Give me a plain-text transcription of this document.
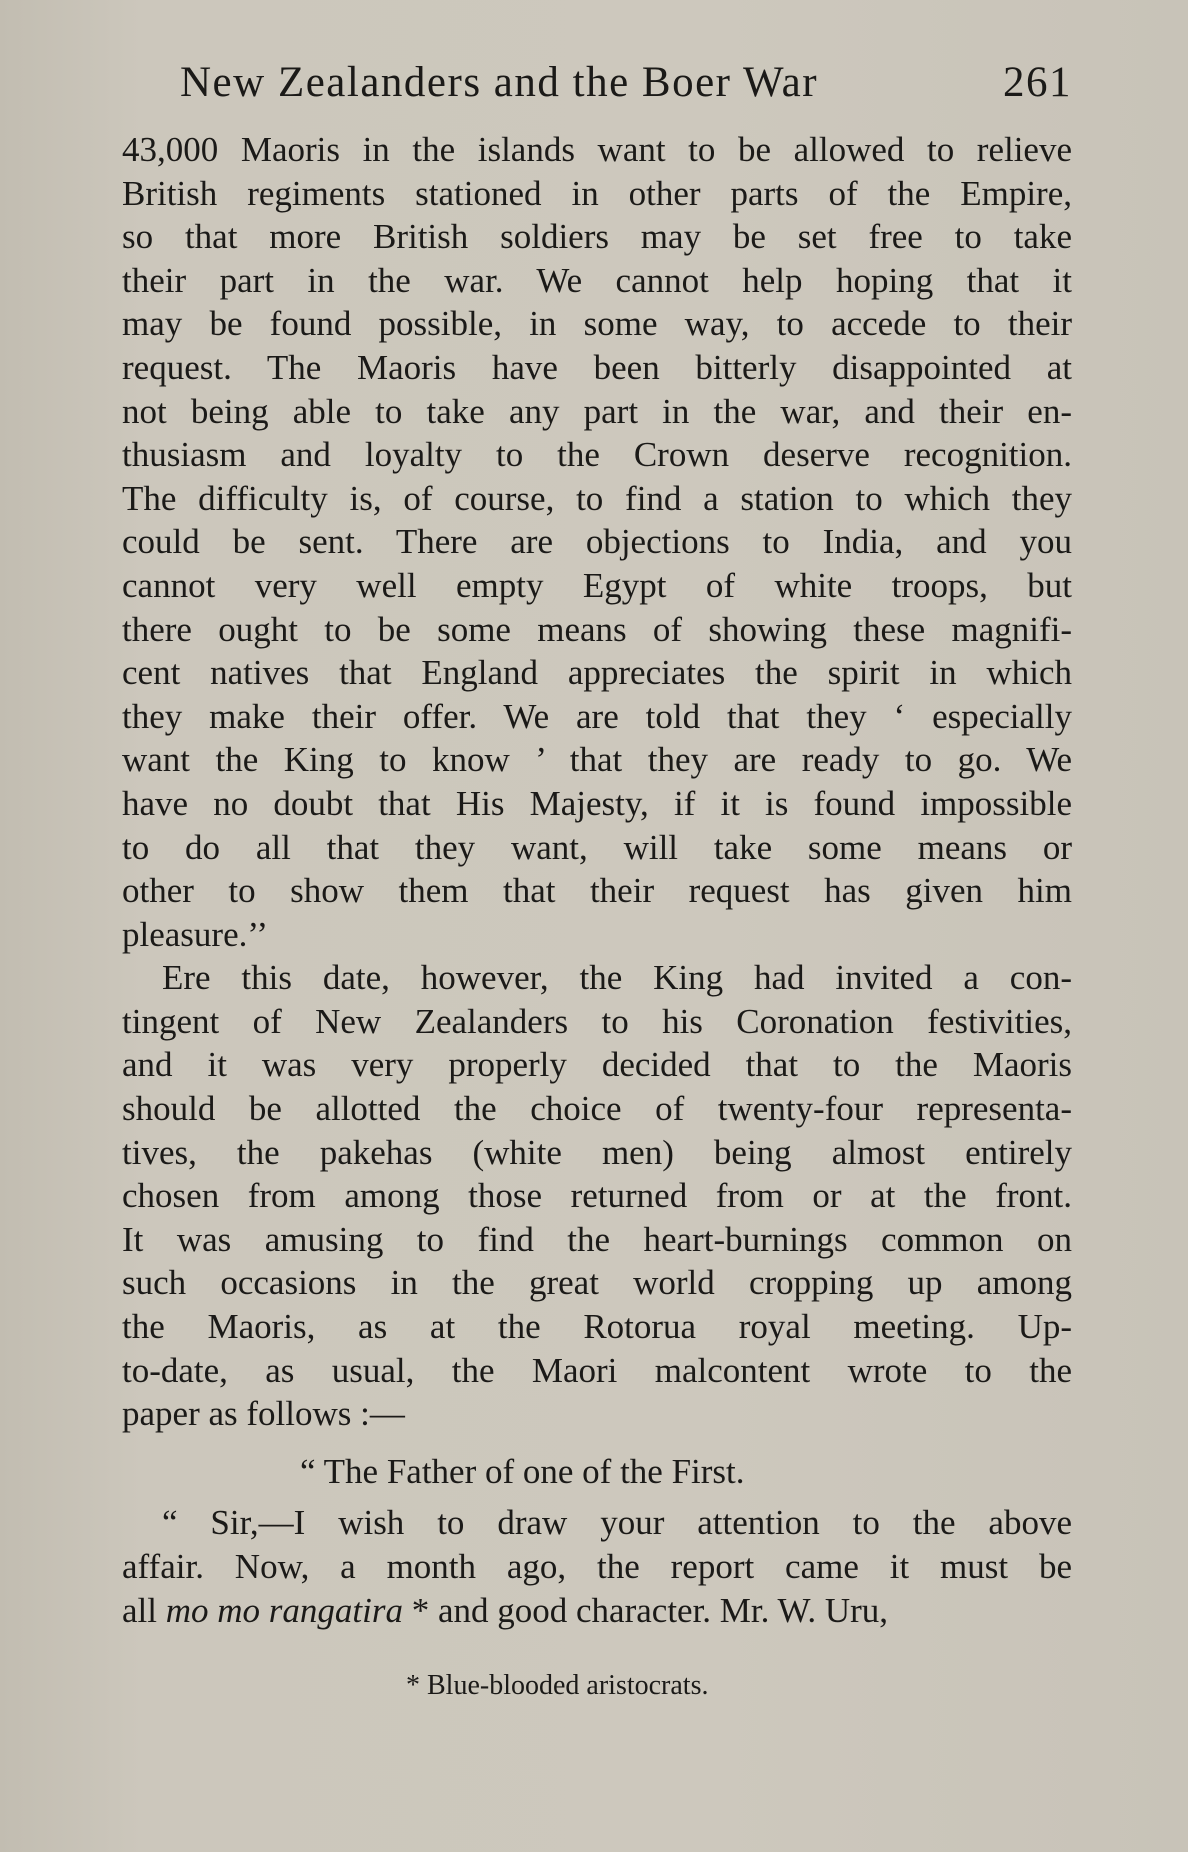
New Zealanders and the Boer War	261
43,000 Maoris in the islands want to be allowed to relieve
British regiments stationed in other parts of the Empire,
so that more British soldiers may be set free to take
their part in the war. We cannot help hoping that it
may be found possible, in some way, to accede to their
request. The Maoris have been bitterly disappointed at
not being able to take any part in the war, and their en-
thusiasm and loyalty to the Crown deserve recognition.
The difficulty is, of course, to find a station to which they
could be sent. There are objections to India, and you
cannot very well empty Egypt of white troops, but
there ought to be some means of showing these magnifi-
cent natives that England appreciates the spirit in which
they make their offer. We are told that they ‘ especially
want the King to know ’ that they are ready to go. We
have no doubt that His Majesty, if it is found impossible
to do all that they want, will take some means or
other to show them that their request has given him
pleasure.’’
Ere this date, however, the King had invited a con-
tingent of New Zealanders to his Coronation festivities,
and it was very properly decided that to the Maoris
should be allotted the choice of twenty-four representa-
tives, the pakehas (white men) being almost entirely
chosen from among those returned from or at the front.
It was amusing to find the heart-burnings common on
such occasions in the great world cropping up among
the Maoris, as at the Rotorua royal meeting. Up-
to-date, as usual, the Maori malcontent wrote to the
paper as follows :—
“ The Father of one of the First.
“ Sir,—I wish to draw your attention to the above
affair. Now, a month ago, the report came it must be
all mo mo rangatira * and good character. Mr. W. Uru,
* Blue-blooded aristocrats.
